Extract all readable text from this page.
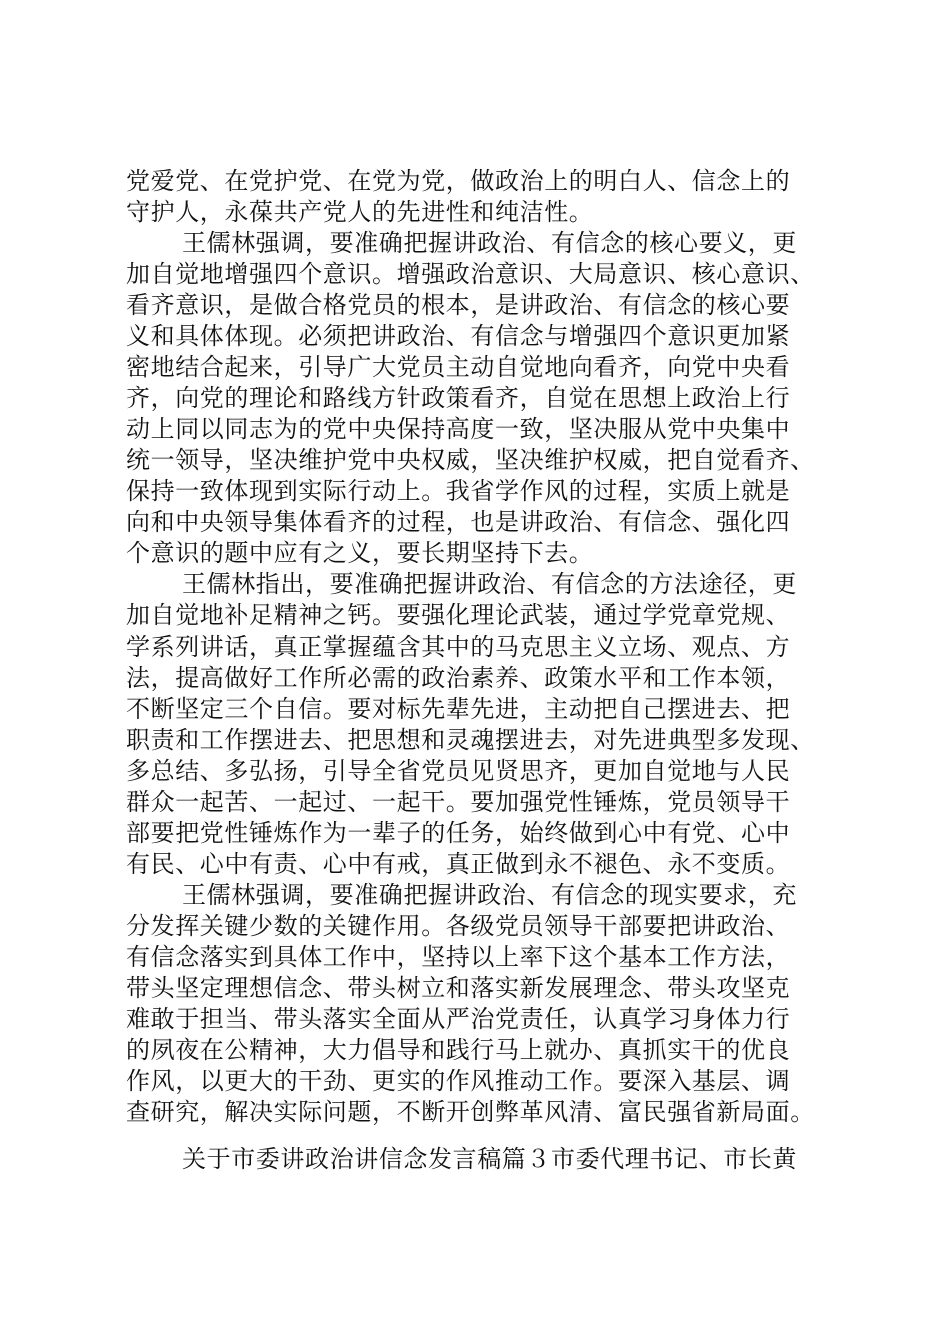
党爱党、在党护党、在党为党，做政治上的明白人、信念上的
守护人，永葆共产党人的先进性和纯洁性。
王儒林强调，要准确把握讲政治、有信念的核心要义，更
加自觉地增强四个意识。增强政治意识、大局意识、核心意识、
看齐意识，是做合格党员的根本，是讲政治、有信念的核心要
义和具体体现。必须把讲政治、有信念与增强四个意识更加紧
密地结合起来，引导广大党员主动自觉地向看齐，向党中央看
齐，向党的理论和路线方针政策看齐，自觉在思想上政治上行
动上同以同志为的党中央保持高度一致，坚决服从党中央集中
统一领导，坚决维护党中央权威，坚决维护权威，把自觉看齐、
保持一致体现到实际行动上。我省学作风的过程，实质上就是
向和中央领导集体看齐的过程，也是讲政治、有信念、强化四
个意识的题中应有之义，要长期坚持下去。
王儒林指出，要准确把握讲政治、有信念的方法途径，更
加自觉地补足精神之钙。要强化理论武装，通过学党章党规、
学系列讲话，真正掌握蕴含其中的马克思主义立场、观点、方
法，提高做好工作所必需的政治素养、政策水平和工作本领，
不断坚定三个自信。要对标先辈先进，主动把自己摆进去、把
职责和工作摆进去、把思想和灵魂摆进去，对先进典型多发现、
多总结、多弘扬，引导全省党员见贤思齐，更加自觉地与人民
群众一起苦、一起过、一起干。要加强党性锤炼，党员领导干
部要把党性锤炼作为一辈子的任务，始终做到心中有党、心中
有民、心中有责、心中有戒，真正做到永不褪色、永不变质。
王儒林强调，要准确把握讲政治、有信念的现实要求，充
分发挥关键少数的关键作用。各级党员领导干部要把讲政治、
有信念落实到具体工作中，坚持以上率下这个基本工作方法，
带头坚定理想信念、带头树立和落实新发展理念、带头攻坚克
难敢于担当、带头落实全面从严治党责任，认真学习身体力行
的夙夜在公精神，大力倡导和践行马上就办、真抓实干的优良
作风，以更大的干劲、更实的作风推动工作。要深入基层、调
查研究，解决实际问题，不断开创弊革风清、富民强省新局面。
关于市委讲政治讲信念发言稿篇３市委代理书记、市长黄
